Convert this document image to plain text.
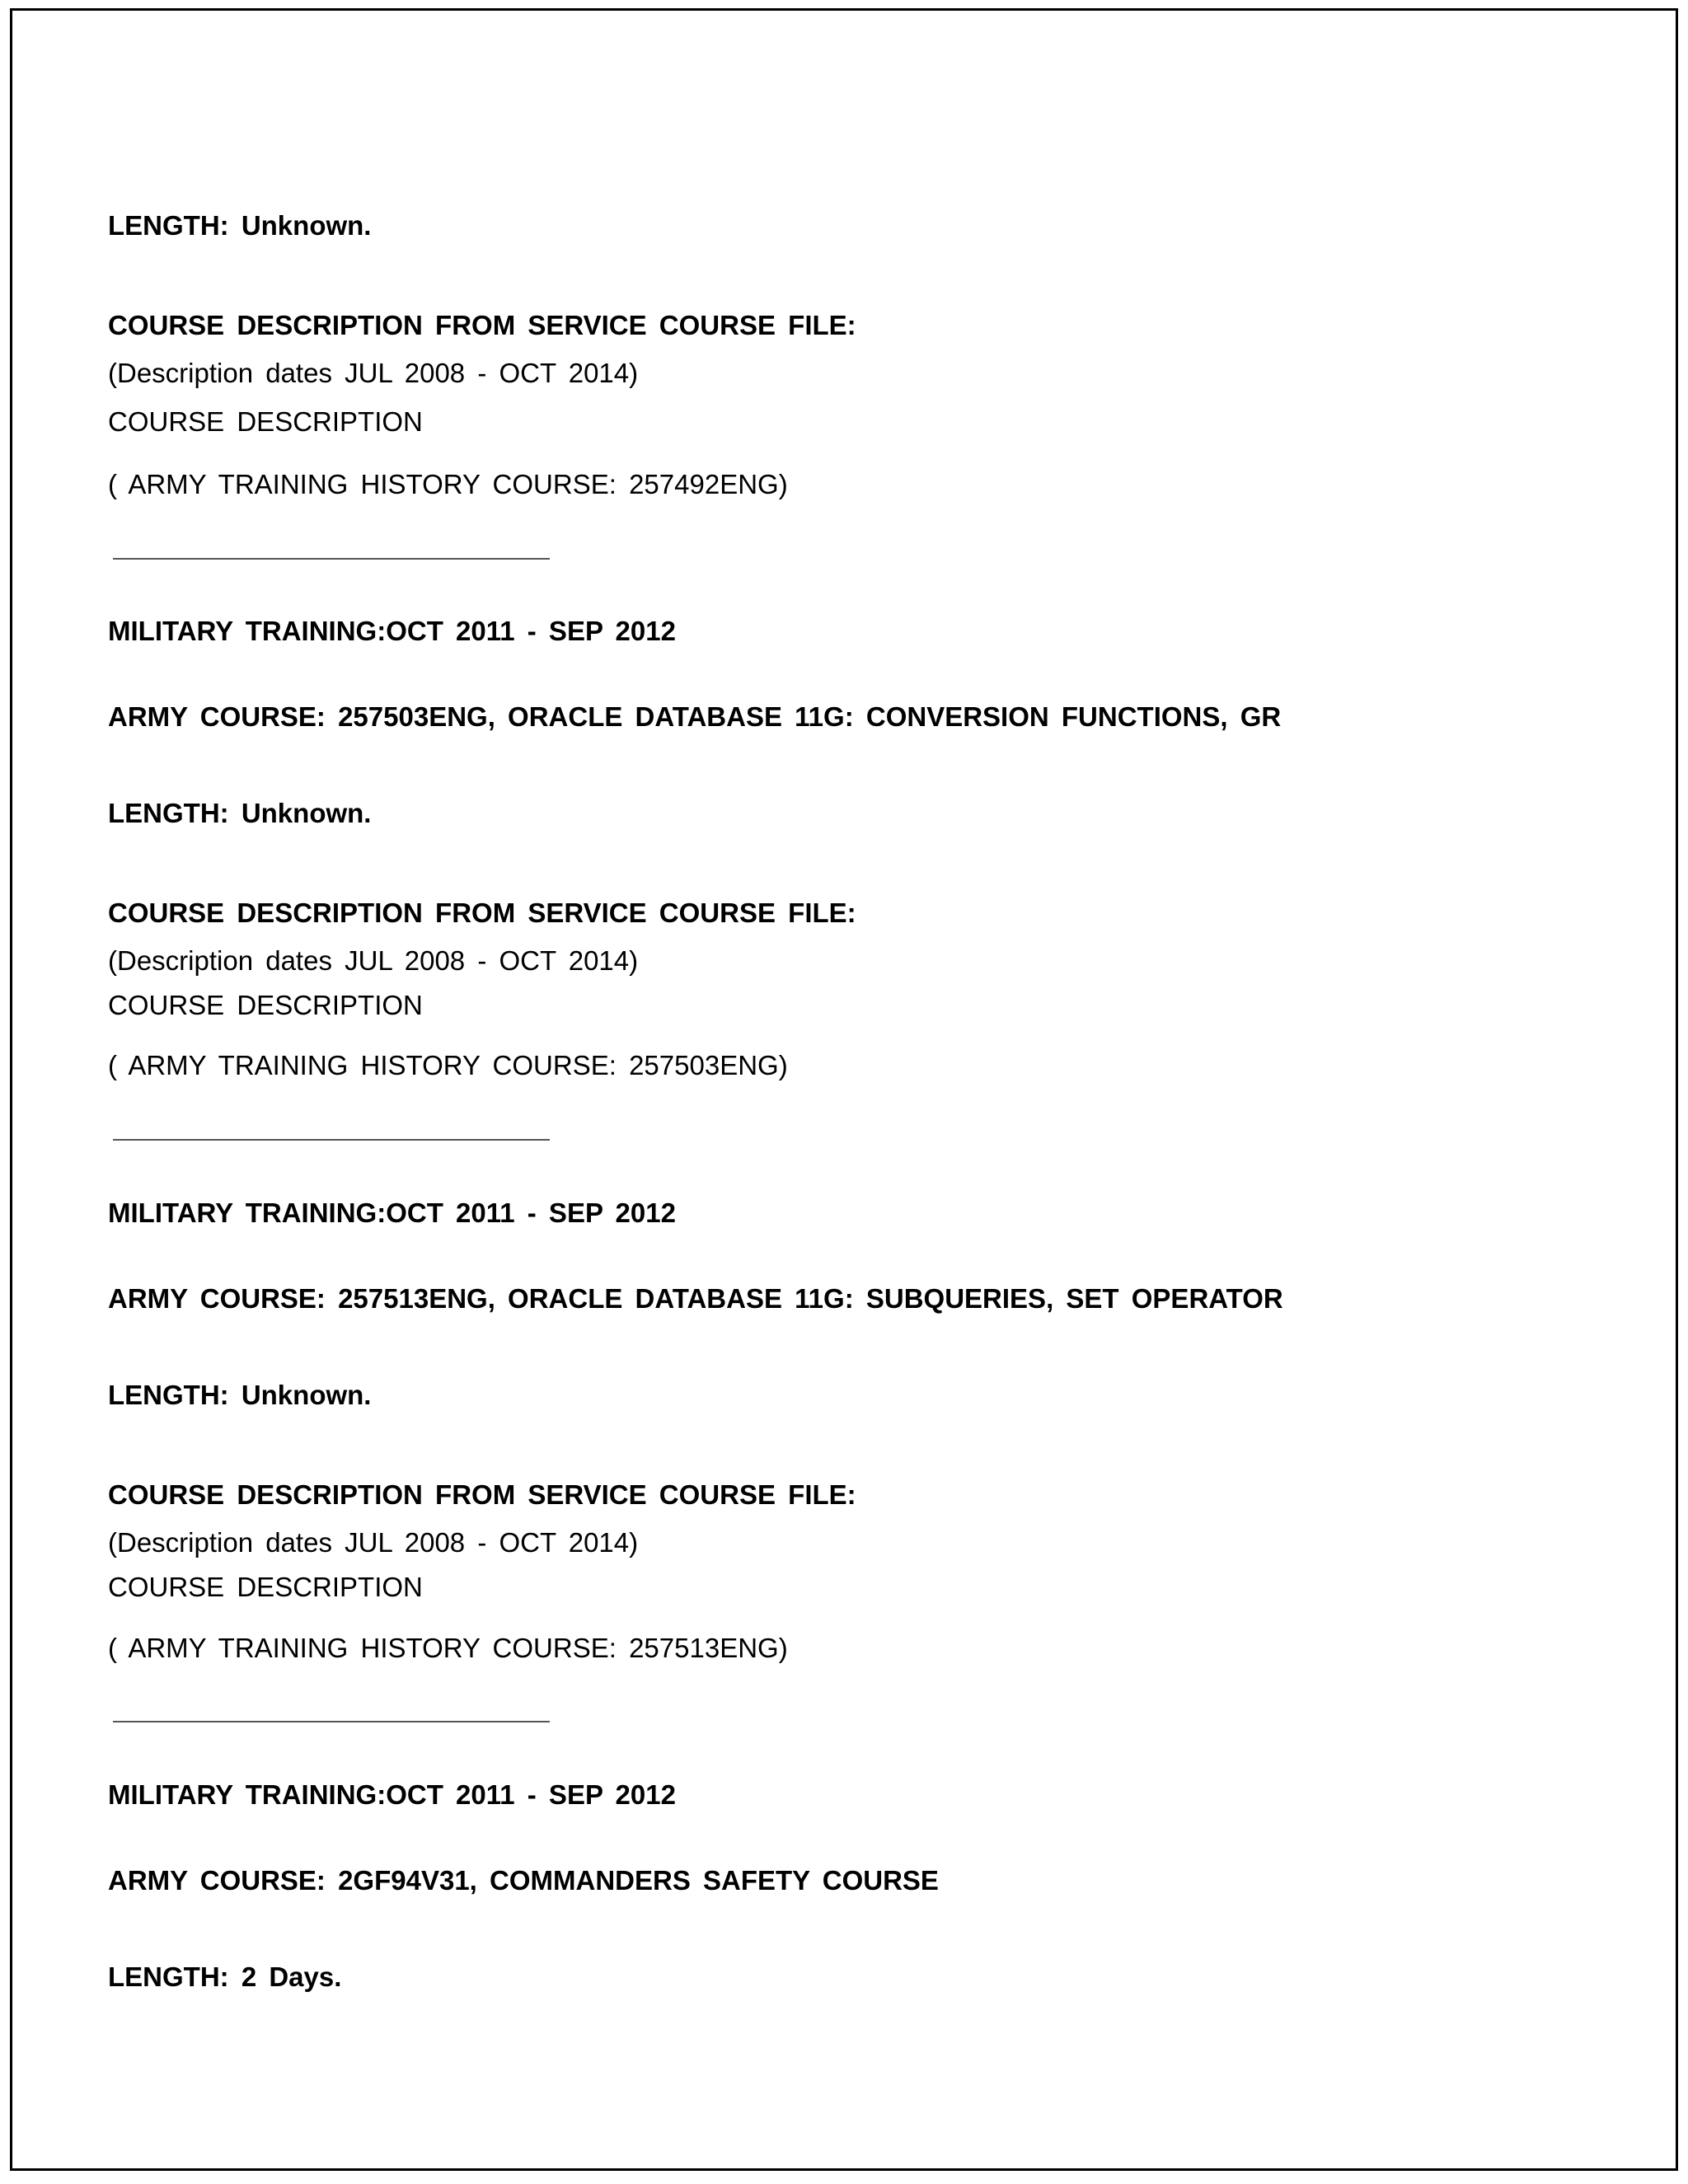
LENGTH: Unknown.
COURSE DESCRIPTION FROM SERVICE COURSE FILE:
(Description dates JUL 2008 - OCT 2014)
COURSE DESCRIPTION
( ARMY TRAINING HISTORY COURSE: 257492ENG)
MILITARY TRAINING:OCT 2011 - SEP 2012
ARMY COURSE: 257503ENG, ORACLE DATABASE 11G: CONVERSION FUNCTIONS, GR
LENGTH: Unknown.
COURSE DESCRIPTION FROM SERVICE COURSE FILE:
(Description dates JUL 2008 - OCT 2014)
COURSE DESCRIPTION
( ARMY TRAINING HISTORY COURSE: 257503ENG)
MILITARY TRAINING:OCT 2011 - SEP 2012
ARMY COURSE: 257513ENG, ORACLE DATABASE 11G: SUBQUERIES, SET OPERATOR
LENGTH: Unknown.
COURSE DESCRIPTION FROM SERVICE COURSE FILE:
(Description dates JUL 2008 - OCT 2014)
COURSE DESCRIPTION
( ARMY TRAINING HISTORY COURSE: 257513ENG)
MILITARY TRAINING:OCT 2011 - SEP 2012
ARMY COURSE: 2GF94V31, COMMANDERS SAFETY COURSE
LENGTH: 2 Days.
